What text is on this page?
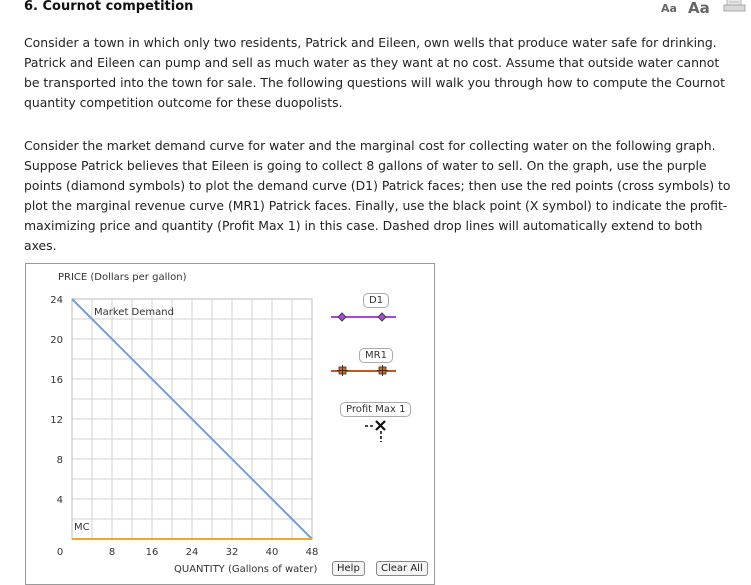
6. Cournot competition	Aa Aa

Consider a town in which only two residents, Patrick and Eileen, own wells that produce water safe for drinking. Patrick and Eileen can pump and sell as much water as they want at no cost. Assume that outside water cannot be transported into the town for sale. The following questions will walk you through how to compute the Cournot quantity competition outcome for these duopolists.

Consider the market demand curve for water and the marginal cost for collecting water on the following graph. Suppose Patrick believes that Eileen is going to collect 8 gallons of water to sell. On the graph, use the purple points (diamond symbols) to plot the demand curve (D1) Patrick faces; then use the red points (cross symbols) to plot the marginal revenue curve (MR1) Patrick faces. Finally, use the black point (X symbol) to indicate the profit-maximizing price and quantity (Profit Max 1) in this case. Dashed drop lines will automatically extend to both axes.

0	8	16	24	32	40	48
24
20
16
12
8
4
PRICE (Dollars per gallon)
QUANTITY (Gallons of water)
Market Demand
MC
D1
MR1
Profit Max 1
Help	Clear All
